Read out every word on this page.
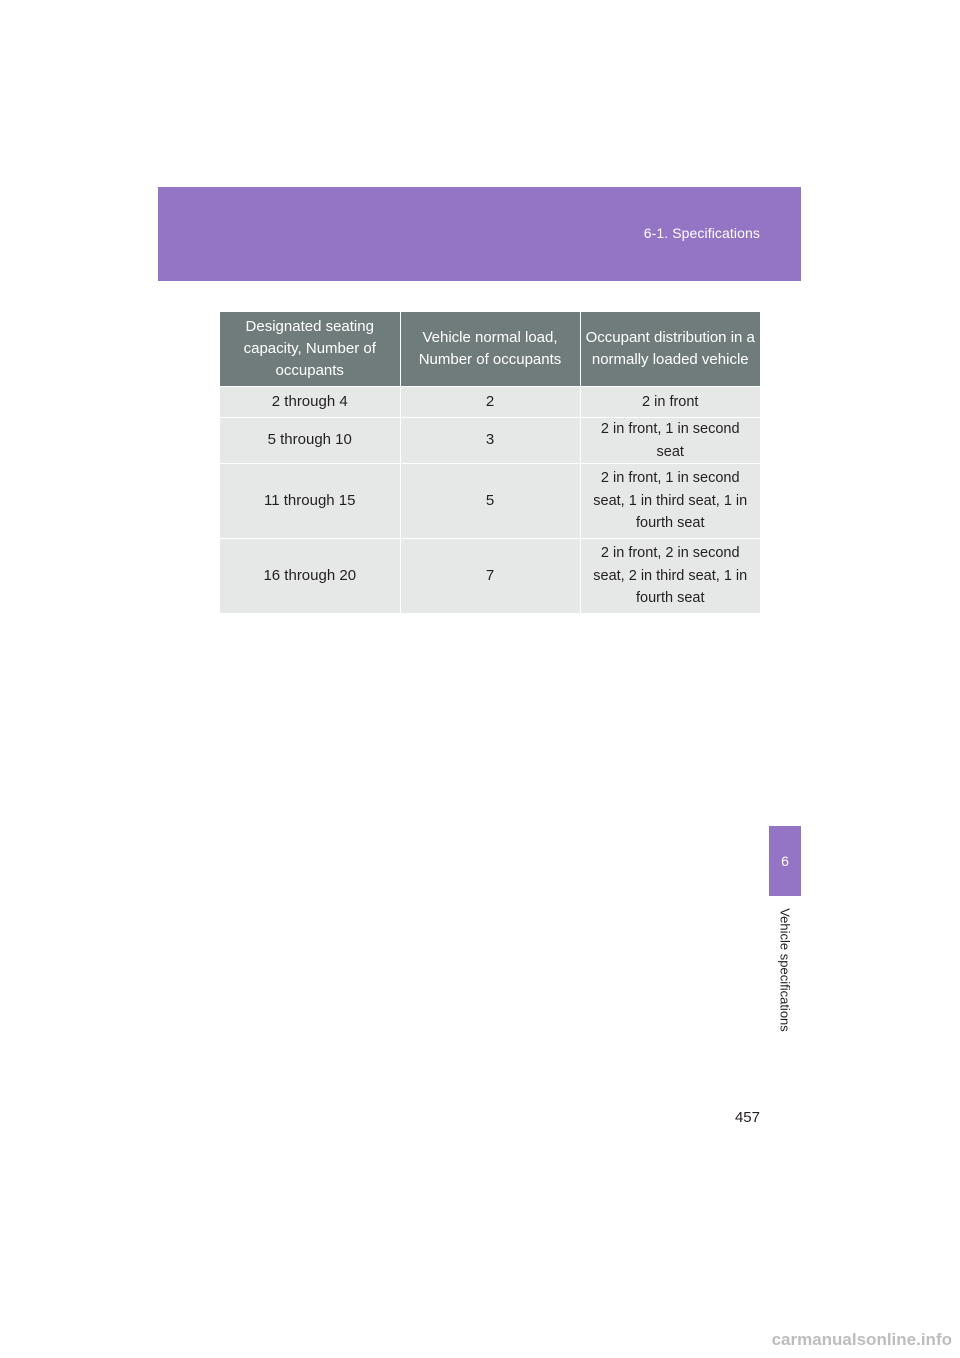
6-1. Specifications
Designated seating capacity, Number of occupants	Vehicle normal load, Number of occupants	Occupant distribution in a normally loaded vehicle
2 through 4	2	2 in front
5 through 10	3	2 in front, 1 in second seat
11 through 15	5	2 in front, 1 in second seat, 1 in third seat, 1 in fourth seat
16 through 20	7	2 in front, 2 in second seat, 2 in third seat, 1 in fourth seat
6
Vehicle specifications
457
carmanualsonline.info
